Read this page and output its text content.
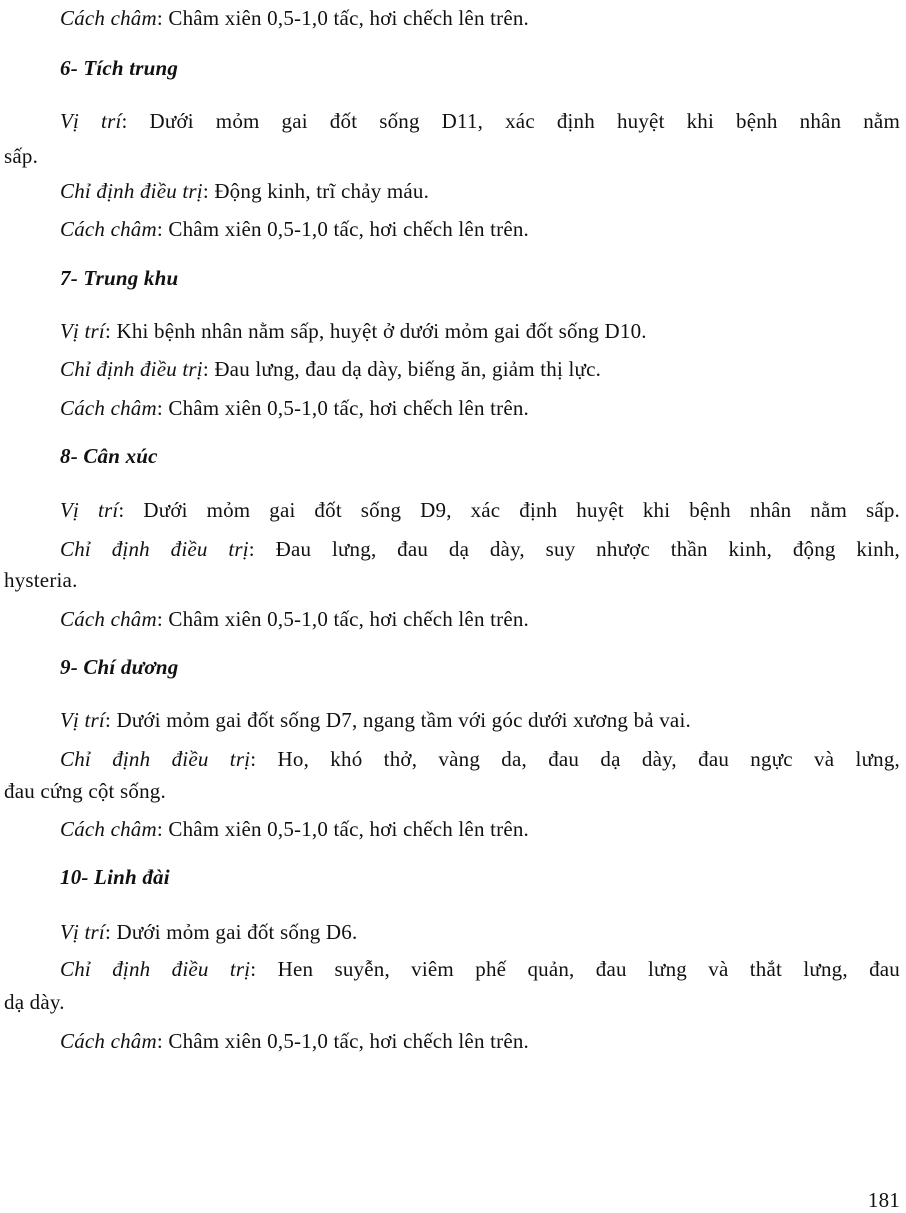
Cách châm: Châm xiên 0,5-1,0 tấc, hơi chếch lên trên.
6- Tích trung
Vị trí: Dưới mỏm gai đốt sống D11, xác định huyệt khi bệnh nhân nằm
sấp.
Chỉ định điều trị: Động kinh, trĩ chảy máu.
Cách châm: Châm xiên 0,5-1,0 tấc, hơi chếch lên trên.
7- Trung khu
Vị trí: Khi bệnh nhân nằm sấp, huyệt ở dưới mỏm gai đốt sống D10.
Chỉ định điều trị: Đau lưng, đau dạ dày, biếng ăn, giảm thị lực.
Cách châm: Châm xiên 0,5-1,0 tấc, hơi chếch lên trên.
8- Cân xúc
Vị trí: Dưới mỏm gai đốt sống D9, xác định huyệt khi bệnh nhân nằm sấp.
Chỉ định điều trị: Đau lưng, đau dạ dày, suy nhược thần kinh, động kinh,
hysteria.
Cách châm: Châm xiên 0,5-1,0 tấc, hơi chếch lên trên.
9- Chí dương
Vị trí: Dưới mỏm gai đốt sống D7, ngang tầm với góc dưới xương bả vai.
Chỉ định điều trị: Ho, khó thở, vàng da, đau dạ dày, đau ngực và lưng,
đau cứng cột sống.
Cách châm: Châm xiên 0,5-1,0 tấc, hơi chếch lên trên.
10- Linh đài
Vị trí: Dưới mỏm gai đốt sống D6.
Chỉ định điều trị: Hen suyễn, viêm phế quản, đau lưng và thắt lưng, đau
dạ dày.
Cách châm: Châm xiên 0,5-1,0 tấc, hơi chếch lên trên.
181
